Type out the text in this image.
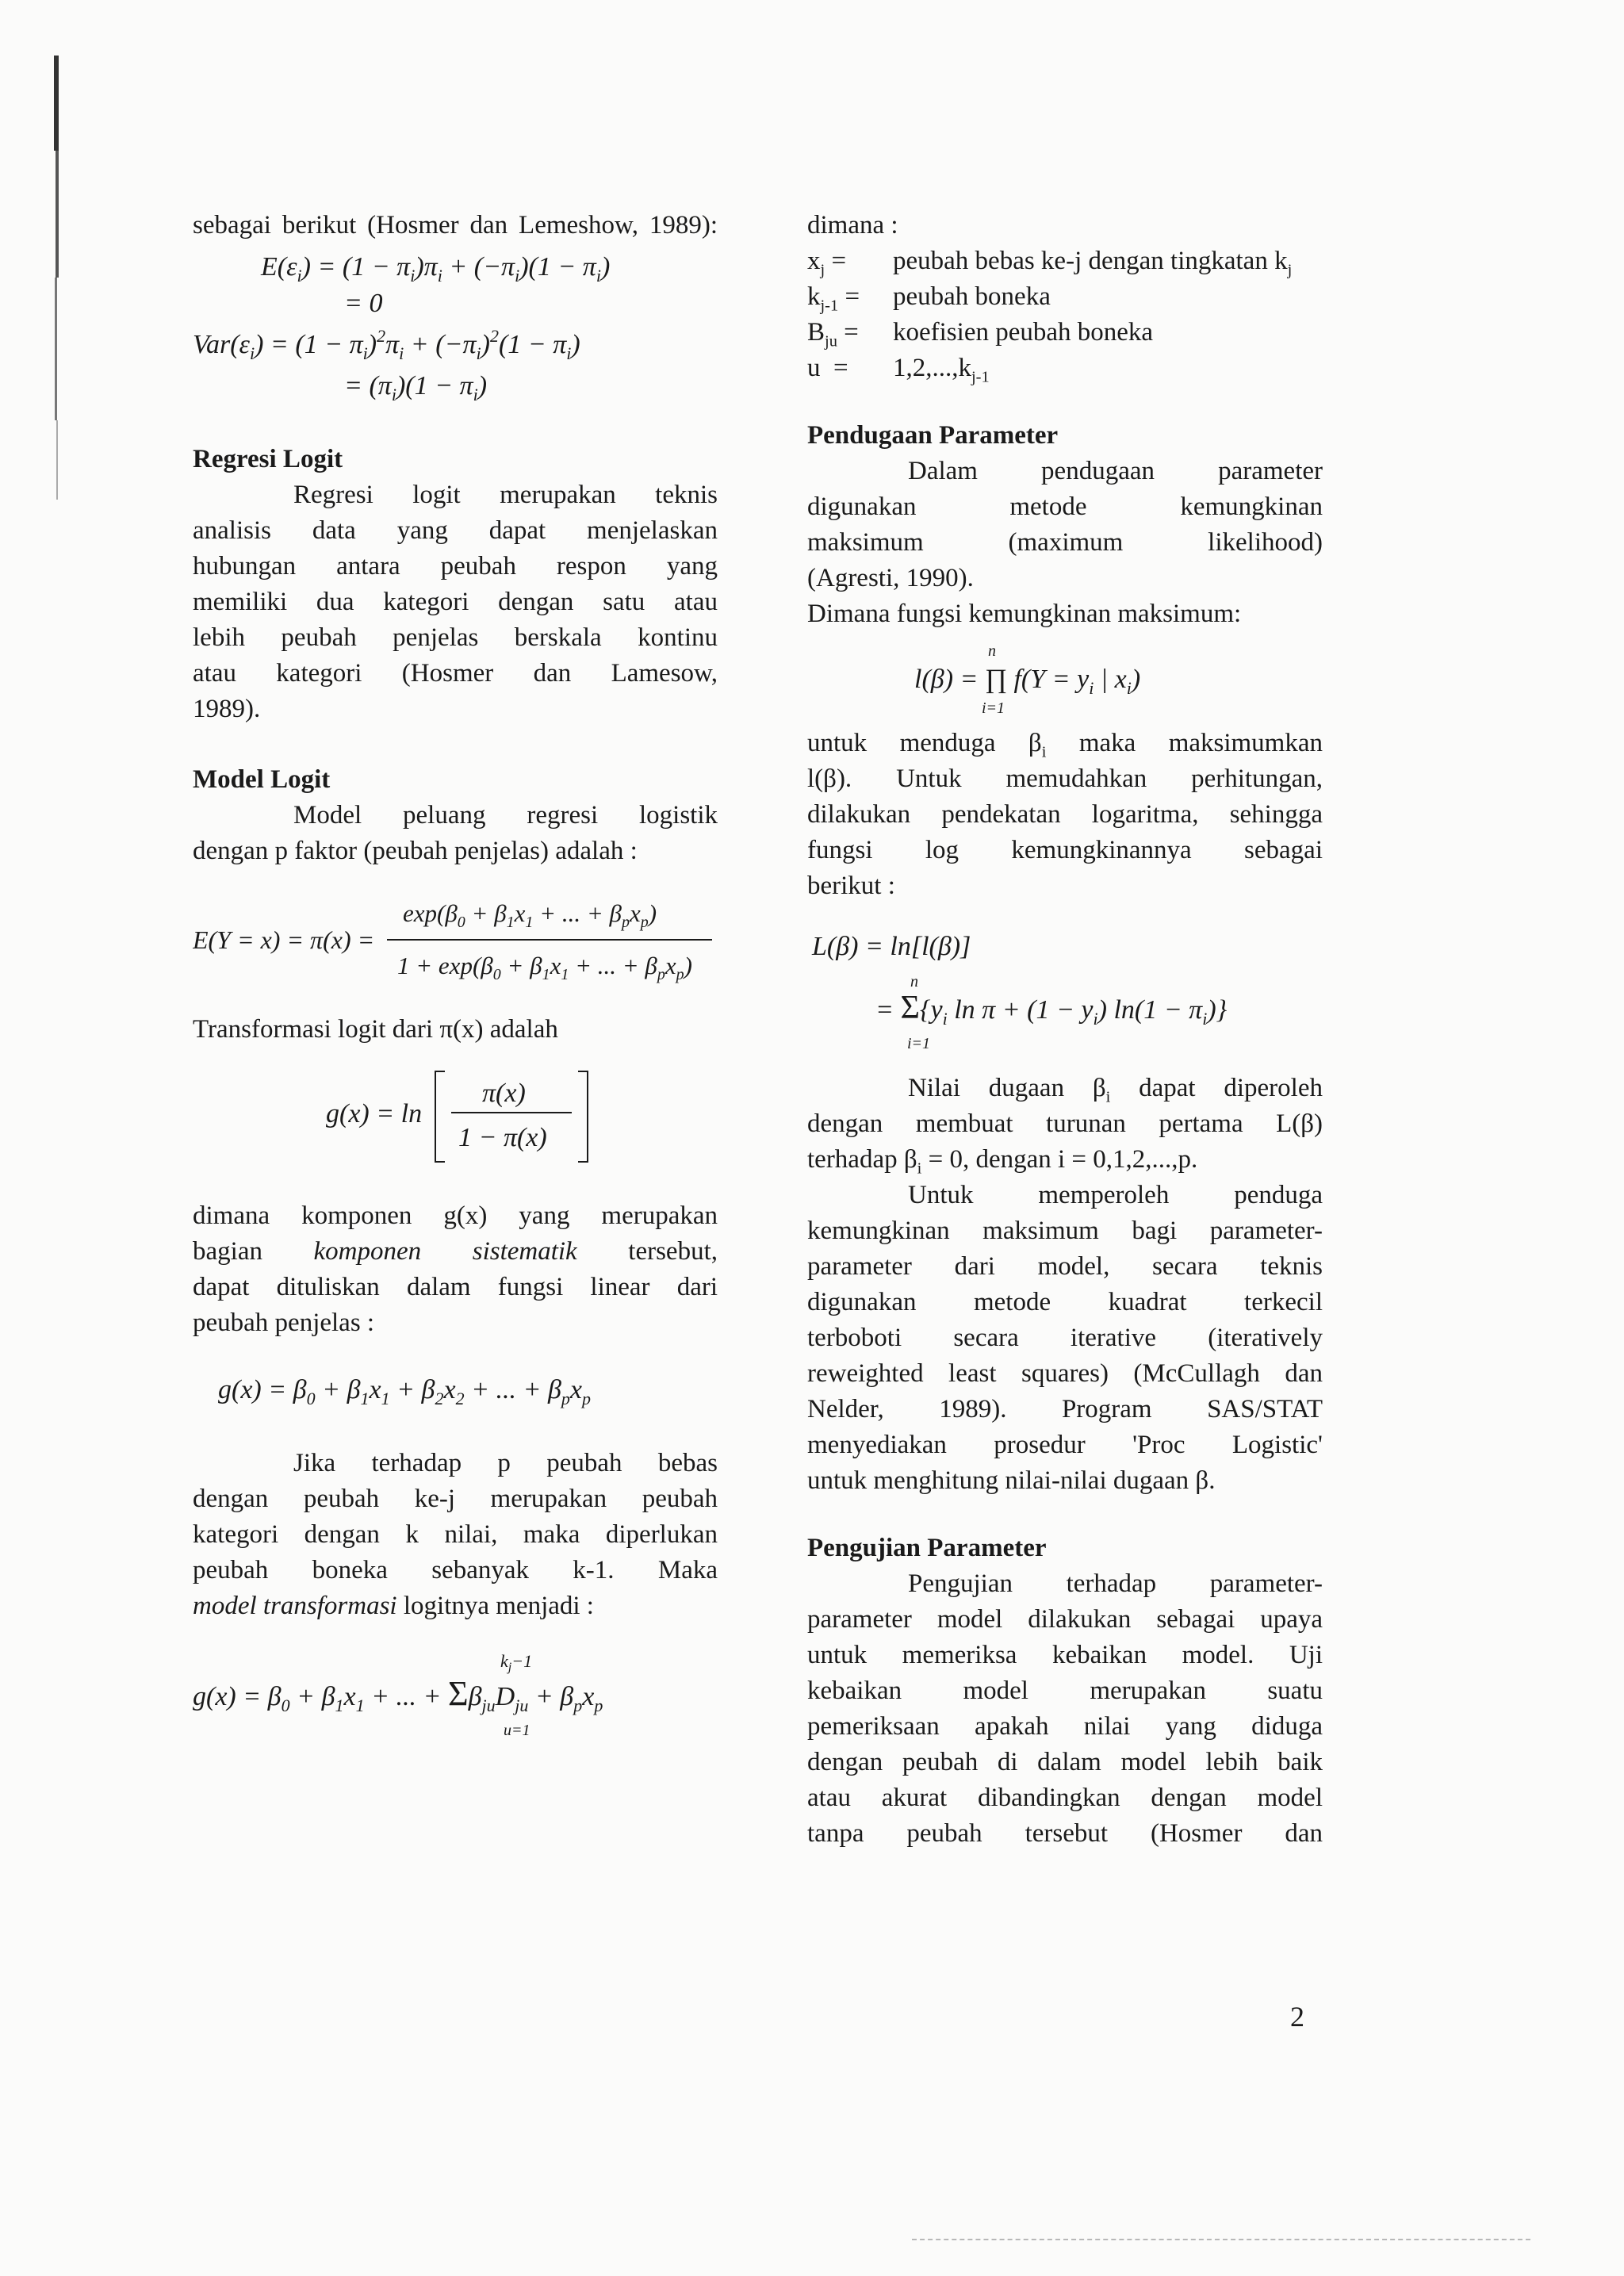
sebagai berikut (Hosmer dan Lemeshow, 1989):

$E(\varepsilon_i) = (1 - \pi_i)\pi_i + (-\pi_i)(1 - \pi_i)$
= 0
$Var(\varepsilon_i) = (1 - \pi_i)^2\pi_i + (-\pi_i)^2(1 - \pi_i)$
= $(\pi_i)(1 - \pi_i)$

Regresi Logit

Regresi logit merupakan teknis

analisis data yang dapat menjelaskan

hubungan antara peubah respon yang

memiliki dua kategori dengan satu atau

lebih peubah penjelas berskala kontinu

atau kategori (Hosmer dan Lamesow,

1989).

Model Logit

Model peluang regresi logistik

dengan p faktor (peubah penjelas) adalah :

E(Y = x) = π(x) =
$\exp(\beta_0 + \beta_1x_1$ + ... + $\beta_px_p$)
$1 + \exp(\beta_0 + \beta_1x_1$ + ... + $\beta_px_p$)

Transformasi logit dari π(x) adalah

g(x) = ln
π(x)
1 − π(x)

dimana komponen g(x) yang merupakan

bagian komponen sistematik tersebut,

dapat dituliskan dalam fungsi linear dari

peubah penjelas :

$g(x) = \beta_0 + \beta_1x_1 + \beta_2x_2$ + ... + $\beta_px_p$

Jika terhadap p peubah bebas

dengan peubah ke-j merupakan peubah

kategori dengan k nilai, maka diperlukan

peubah boneka sebanyak k-1. Maka

model transformasi logitnya menjadi :

$k_j-1$
$g(x) = \beta_0 + \beta_1x_1$ + ... + $\Sigma\beta_{ju}D_{ju} + \beta_px_p$
u=1

dimana :

$x_j$ =	peubah bebas ke-j dengan tingkatan $k_j$
$k_{j-1}$ =	peubah boneka
$B_{ju}$ =	koefisien peubah boneka
u  =	$1,2,...,k_{j-1}$

Pendugaan Parameter

Dalam pendugaan parameter

digunakan metode kemungkinan

maksimum (maximum likelihood)

(Agresti, 1990).

Dimana fungsi kemungkinan maksimum:

n
l(β) = ∏ $f(Y = y_i$ | $x_i$)
i=1

untuk menduga $\beta_i$ maka maksimumkan

l(β). Untuk memudahkan perhitungan,

dilakukan pendekatan logaritma, sehingga

fungsi log kemungkinannya sebagai

berikut :

L(β) = ln[l(β)]
n
= $\Sigma\{y_i$ $\ln \pi + (1 - y_i)$ $\ln(1 - \pi_i)$}
i=1

Nilai dugaan $\beta_i$ dapat diperoleh

dengan membuat turunan pertama L(β)

terhadap $\beta_i = 0$, dengan i = 0,1,2,...,p.

Untuk memperoleh penduga

kemungkinan maksimum bagi parameter-

parameter dari model, secara teknis

digunakan metode kuadrat terkecil

terboboti secara iterative (iteratively

reweighted least squares) (McCullagh dan

Nelder, 1989). Program SAS/STAT

menyediakan prosedur 'Proc Logistic'

untuk menghitung nilai-nilai dugaan β.

Pengujian Parameter

Pengujian terhadap parameter-

parameter model dilakukan sebagai upaya

untuk memeriksa kebaikan model. Uji

kebaikan model merupakan suatu

pemeriksaan apakah nilai yang diduga

dengan peubah di dalam model lebih baik

atau akurat dibandingkan dengan model

tanpa peubah tersebut (Hosmer dan

2
